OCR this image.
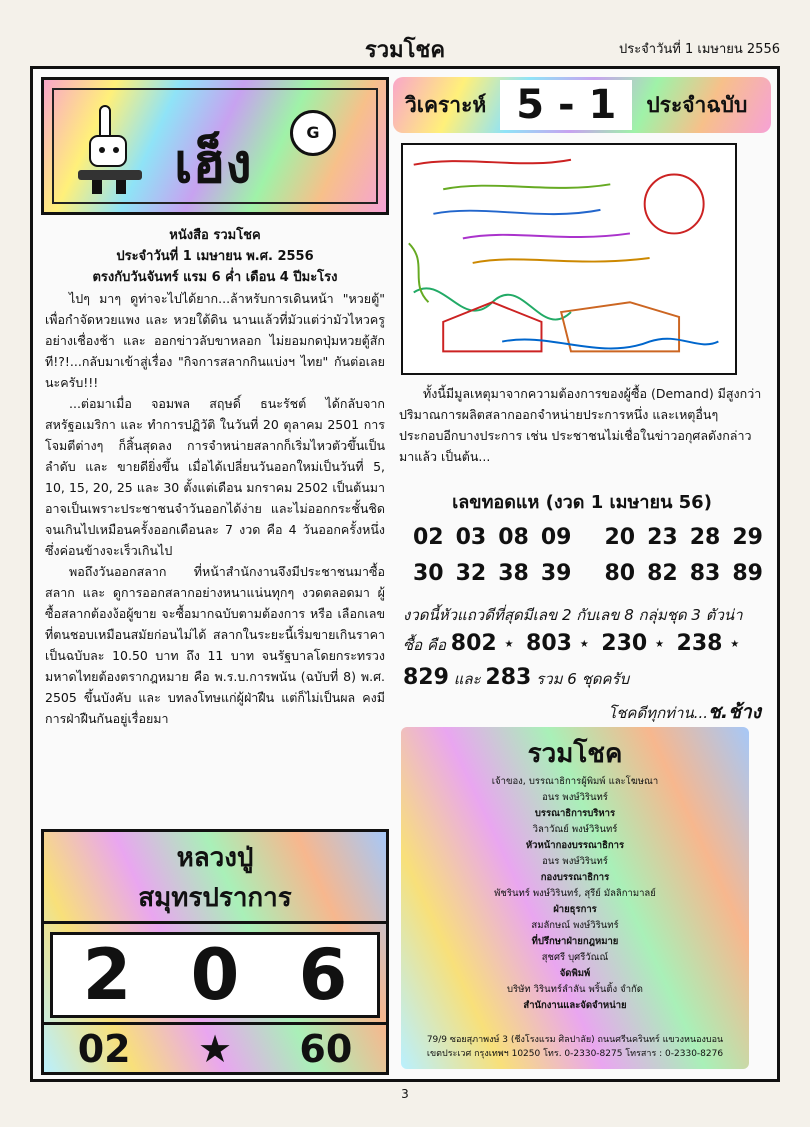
รวมโชค	ประจำวันที่ 1 เมษายน 2556
เฮ็ง	G
หนังสือ รวมโชค
ประจำวันที่ 1 เมษายน พ.ศ. 2556
ตรงกับวันจันทร์ แรม 6 ค่ำ เดือน 4 ปีมะโรง

ไปๆ มาๆ ดูท่าจะไปได้ยาก...ล้าหรับการเดินหน้า "หวยตู้" เพื่อกำจัดหวยแพง และ หวยใต้ดิน นานแล้วที่มัวแต่ว่ามัวไหวครูอย่างเชื่องช้า และ ออกข่าวลับขาหลอก ไม่ยอมกดปุ่มหวยตู้สักที!?!...กลับมาเข้าสู่เรื่อง "กิจการสลากกินแบ่งฯ ไทย" กันต่อเลยนะครับ!!!

...ต่อมาเมื่อ จอมพล สฤษดิ์ ธนะรัชต์ ได้กลับจากสหรัฐอเมริกา และ ทำการปฏิวัติ ในวันที่ 20 ตุลาคม 2501 การโจมตีต่างๆ ก็สิ้นสุดลง การจำหน่ายสลากก็เริ่มไหวตัวขึ้นเป็นลำดับ และ ขายดียิ่งขึ้น เมื่อได้เปลี่ยนวันออกใหม่เป็นวันที่ 5, 10, 15, 20, 25 และ 30 ตั้งแต่เดือน มกราคม 2502 เป็นต้นมา อาจเป็นเพราะประชาชนจำวันออกได้ง่าย และไม่ออกกระชั้นชิดจนเกินไปเหมือนครั้งออกเดือนละ 7 งวด คือ 4 วันออกครั้งหนึ่ง ซึ่งค่อนข้างจะเร็วเกินไป

พอถึงวันออกสลาก ที่หน้าสำนักงานจึงมีประชาชนมาซื้อสลาก และ ดูการออกสลากอย่างหนาแน่นทุกๆ งวดตลอดมา ผู้ซื้อสลากต้องง้อผู้ขาย จะซื้อมากฉบับตามต้องการ หรือ เลือกเลขที่ตนชอบเหมือนสมัยก่อนไม่ได้ สลากในระยะนี้เริ่มขายเกินราคาเป็นฉบับละ 10.50 บาท ถึง 11 บาท จนรัฐบาลโดยกระทรวงมหาดไทยต้องตรากฎหมาย คือ พ.ร.บ.การพนัน (ฉบับที่ 8) พ.ศ. 2505 ขึ้นบังคับ และ บทลงโทษแก่ผู้ฝ่าฝืน แต่ก็ไม่เป็นผล คงมีการฝ่าฝืนกันอยู่เรื่อยมา

หลวงปู่
สมุทรปราการ
2 0 6
02 ★ 60
วิเคราะห์ 5 - 1	ประจำฉบับ
ทั้งนี้มีมูลเหตุมาจากความต้องการของผู้ซื้อ (Demand) มีสูงกว่าปริมาณการผลิตสลากออกจำหน่ายประการหนึ่ง และเหตุอื่นๆ ประกอบอีกบางประการ เช่น ประชาชนไม่เชื่อในข่าวอกุศลดังกล่าวมาแล้ว เป็นต้น...
เลขทอดแห (งวด 1 เมษายน 56)
02 03 08 09 20 23 28 29
30 32 38 39 80 82 83 89
งวดนี้หัวแถวดีที่สุดมีเลข 2 กับเลข 8 กลุ่มชุด 3 ตัวน่า
ซื้อ คือ 802 ⋆ 803 ⋆ 230 ⋆ 238 ⋆
829 และ 283 รวม 6 ชุดครับ
โชคดีทุกท่าน...ช.ช้าง
รวมโชค
เจ้าของ, บรรณาธิการผู้พิมพ์ และโฆษณา
อนร พงษ์วิรินทร์
บรรณาธิการบริหาร
วิลาวัณย์ พงษ์วิรินทร์
หัวหน้ากองบรรณาธิการ
อนร พงษ์วิรินทร์
กองบรรณาธิการ
พัชรินทร์ พงษ์วิรินทร์, สุรีย์ มัลลิกามาลย์
ฝ่ายธุรการ
สมลักษณ์ พงษ์วิรินทร์
ที่ปรึกษาฝ่ายกฎหมาย
สุชศรี บุศรีวัณณ์
จัดพิมพ์
บริษัท วิรินทร์ลำลัน พริ้นติ้ง จำกัด
สำนักงานและจัดจำหน่าย
79/9 ซอยสุภาพงษ์ 3 (ชีงโรงแรม ศิลปาลัย) ถนนศรีนครินทร์ แขวงหนองบอน
เขตประเวศ กรุงเทพฯ 10250 โทร. 0-2330-8275 โทรสาร : 0-2330-8276
3
